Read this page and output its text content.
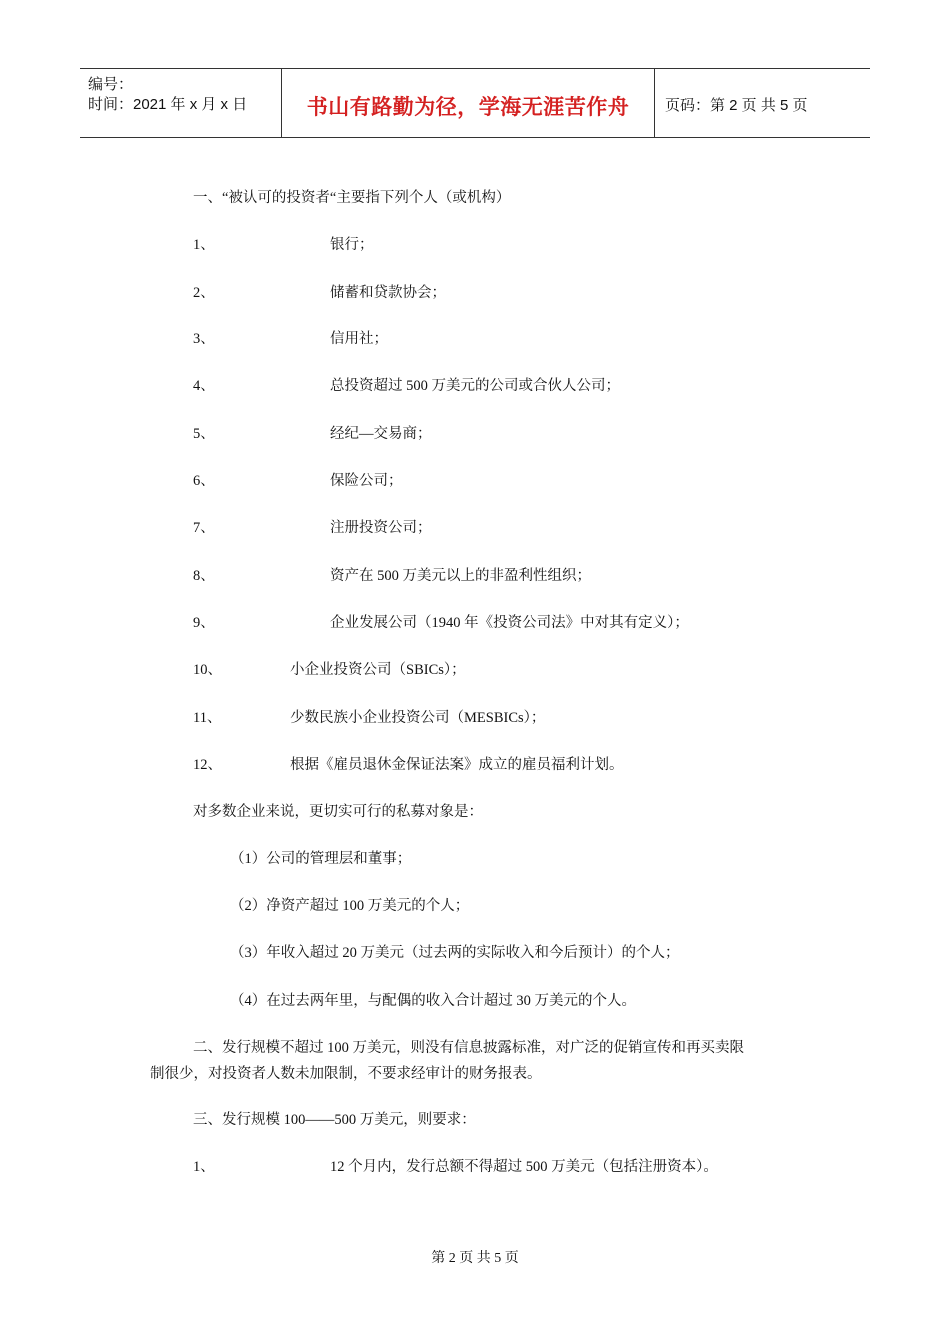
编号：
时间：2021 年 x 月 x 日	书山有路勤为径，学海无涯苦作舟	页码：第 2 页 共 5 页
一、“被认可的投资者“主要指下列个人（或机构）
1、	银行；
2、	储蓄和贷款协会；
3、	信用社；
4、	总投资超过 500 万美元的公司或合伙人公司；
5、	经纪—交易商；
6、	保险公司；
7、	注册投资公司；
8、	资产在 500 万美元以上的非盈利性组织；
9、	企业发展公司（1940 年《投资公司法》中对其有定义）；
10、	小企业投资公司（SBICs）；
11、	少数民族小企业投资公司（MESBICs）；
12、	根据《雇员退休金保证法案》成立的雇员福利计划。
对多数企业来说，更切实可行的私募对象是：
（1）公司的管理层和董事；
（2）净资产超过 100 万美元的个人；
（3）年收入超过 20 万美元（过去两的实际收入和今后预计）的个人；
（4）在过去两年里，与配偶的收入合计超过 30 万美元的个人。
二、发行规模不超过 100 万美元，则没有信息披露标准，对广泛的促销宣传和再买卖限
制很少，对投资者人数未加限制，不要求经审计的财务报表。
三、发行规模 100——500 万美元，则要求：
1、	12 个月内，发行总额不得超过 500 万美元（包括注册资本）。
第 2 页 共 5 页
